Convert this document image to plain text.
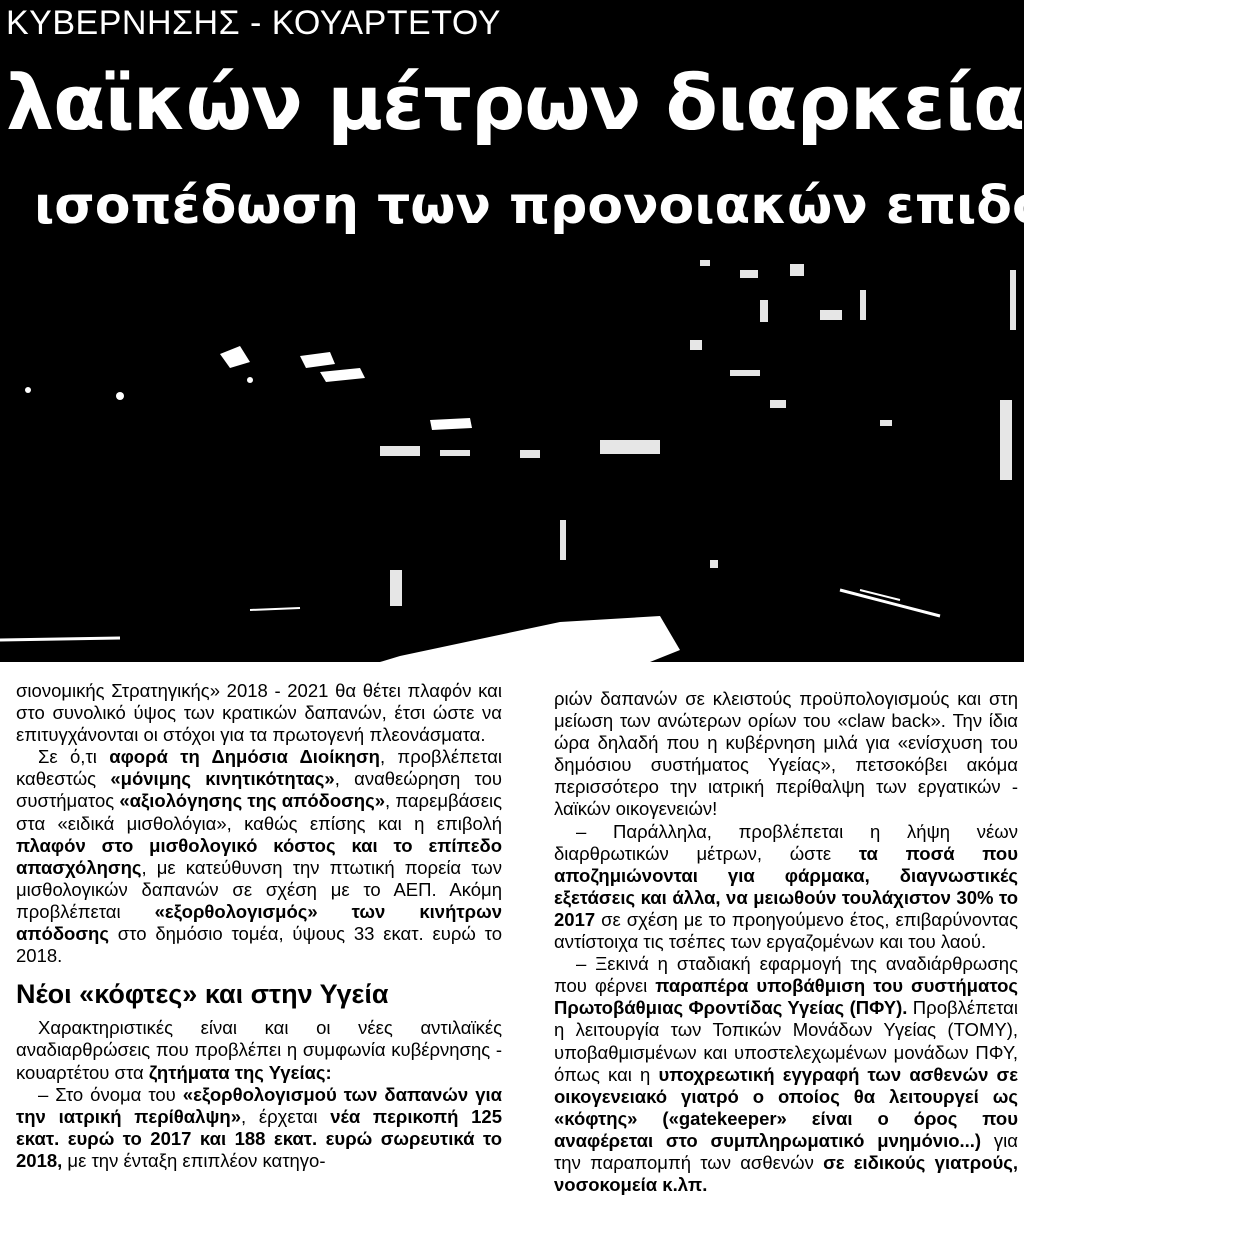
ΚΥΒΕΡΝΗΣΗΣ - ΚΟΥΑΡΤΕΤΟΥ
λαϊκών μέτρων διαρκείας
ισοπέδωση των προνοιακών επιδομάτων

σιονομικής Στρατηγικής» 2018 - 2021 θα θέτει πλαφόν και στο συνολικό ύψος των κρατικών δαπανών, έτσι ώστε να επιτυγχάνονται οι στόχοι για τα πρωτογενή πλεονάσματα.

Σε ό,τι αφορά τη Δημόσια Διοίκηση, προβλέπεται καθεστώς «μόνιμης κινητικότητας», αναθεώρηση του συστήματος «αξιολόγησης της απόδοσης», παρεμβάσεις στα «ειδικά μισθολόγια», καθώς επίσης και η επιβολή πλαφόν στο μισθολογικό κόστος και το επίπεδο απασχόλησης, με κατεύθυνση την πτωτική πορεία των μισθολογικών δαπανών σε σχέση με το ΑΕΠ. Ακόμη προβλέπεται «εξορθολογισμός» των κινήτρων απόδοσης στο δημόσιο τομέα, ύψους 33 εκατ. ευρώ το 2018.

Νέοι «κόφτες» και στην Υγεία

Χαρακτηριστικές είναι και οι νέες αντιλαϊκές αναδιαρθρώσεις που προβλέπει η συμφωνία κυβέρνησης - κουαρτέτου στα ζητήματα της Υγείας:

– Στο όνομα του «εξορθολογισμού των δαπανών για την ιατρική περίθαλψη», έρχεται νέα περικοπή 125 εκατ. ευρώ το 2017 και 188 εκατ. ευρώ σωρευτικά το 2018, με την ένταξη επιπλέον κατηγο-

ριών δαπανών σε κλειστούς προϋπολογισμούς και στη μείωση των ανώτερων ορίων του «claw back». Την ίδια ώρα δηλαδή που η κυβέρνηση μιλά για «ενίσχυση του δημόσιου συστήματος Υγείας», πετσοκόβει ακόμα περισσότερο την ιατρική περίθαλψη των εργατικών - λαϊκών οικογενειών!

– Παράλληλα, προβλέπεται η λήψη νέων διαρθρωτικών μέτρων, ώστε τα ποσά που αποζημιώνονται για φάρμακα, διαγνωστικές εξετάσεις και άλλα, να μειωθούν τουλάχιστον 30% το 2017 σε σχέση με το προηγούμενο έτος, επιβαρύνοντας αντίστοιχα τις τσέπες των εργαζομένων και του λαού.

– Ξεκινά η σταδιακή εφαρμογή της αναδιάρθρωσης που φέρνει παραπέρα υποβάθμιση του συστήματος Πρωτοβάθμιας Φροντίδας Υγείας (ΠΦΥ). Προβλέπεται η λειτουργία των Τοπικών Μονάδων Υγείας (ΤΟΜΥ), υποβαθμισμένων και υποστελεχωμένων μονάδων ΠΦΥ, όπως και η υποχρεωτική εγγραφή των ασθενών σε οικογενειακό γιατρό ο οποίος θα λειτουργεί ως «κόφτης» («gatekeeper» είναι ο όρος που αναφέρεται στο συμπληρωματικό μνημόνιο...) για την παραπομπή των ασθενών σε ειδικούς γιατρούς, νοσοκομεία κ.λπ.
